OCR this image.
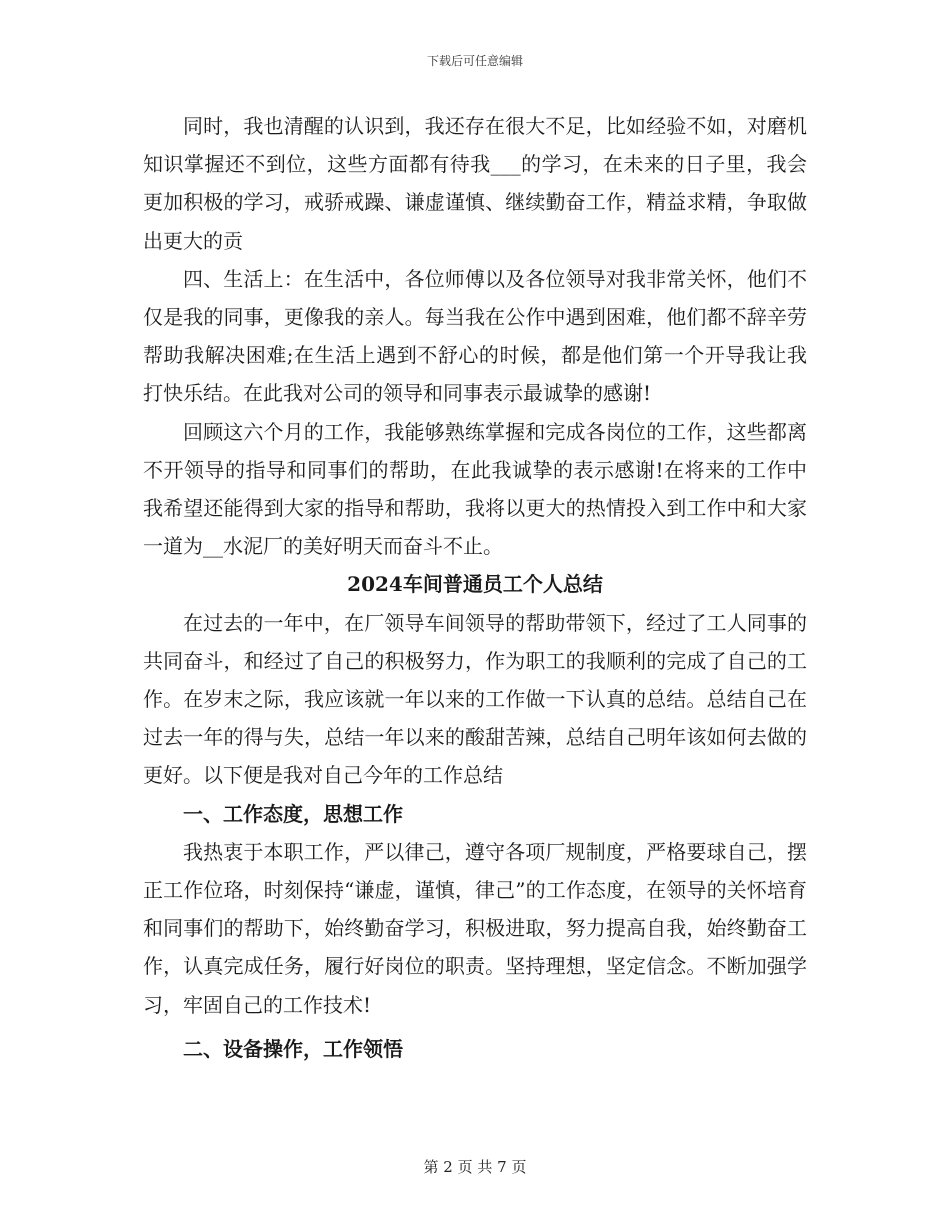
下载后可任意编辑

同时，我也清醒的认识到，我还存在很大不足，比如经验不如，对磨机知识掌握还不到位，这些方面都有待我___的学习，在未来的日子里，我会更加积极的学习，戒骄戒躁、谦虚谨慎、继续勤奋工作，精益求精，争取做出更大的贡

四、生活上：在生活中，各位师傅以及各位领导对我非常关怀，他们不仅是我的同事，更像我的亲人。每当我在公作中遇到困难，他们都不辞辛劳帮助我解决困难;在生活上遇到不舒心的时候，都是他们第一个开导我让我打快乐结。在此我对公司的领导和同事表示最诚挚的感谢!

回顾这六个月的工作，我能够熟练掌握和完成各岗位的工作，这些都离不开领导的指导和同事们的帮助，在此我诚挚的表示感谢!在将来的工作中我希望还能得到大家的指导和帮助，我将以更大的热情投入到工作中和大家一道为__水泥厂的美好明天而奋斗不止。

2024车间普通员工个人总结

在过去的一年中，在厂领导车间领导的帮助带领下，经过了工人同事的共同奋斗，和经过了自己的积极努力，作为职工的我顺利的完成了自己的工作。在岁末之际，我应该就一年以来的工作做一下认真的总结。总结自己在过去一年的得与失，总结一年以来的酸甜苦辣，总结自己明年该如何去做的更好。以下便是我对自己今年的工作总结

一、工作态度，思想工作

我热衷于本职工作，严以律己，遵守各项厂规制度，严格要球自己，摆正工作位珞，时刻保持“谦虚，谨慎，律己”的工作态度，在领导的关怀培育和同事们的帮助下，始终勤奋学习，积极进取，努力提高自我，始终勤奋工作，认真完成任务，履行好岗位的职责。坚持理想，坚定信念。不断加强学习，牢固自己的工作技术!

二、设备操作，工作领悟
第 2 页 共 7 页
